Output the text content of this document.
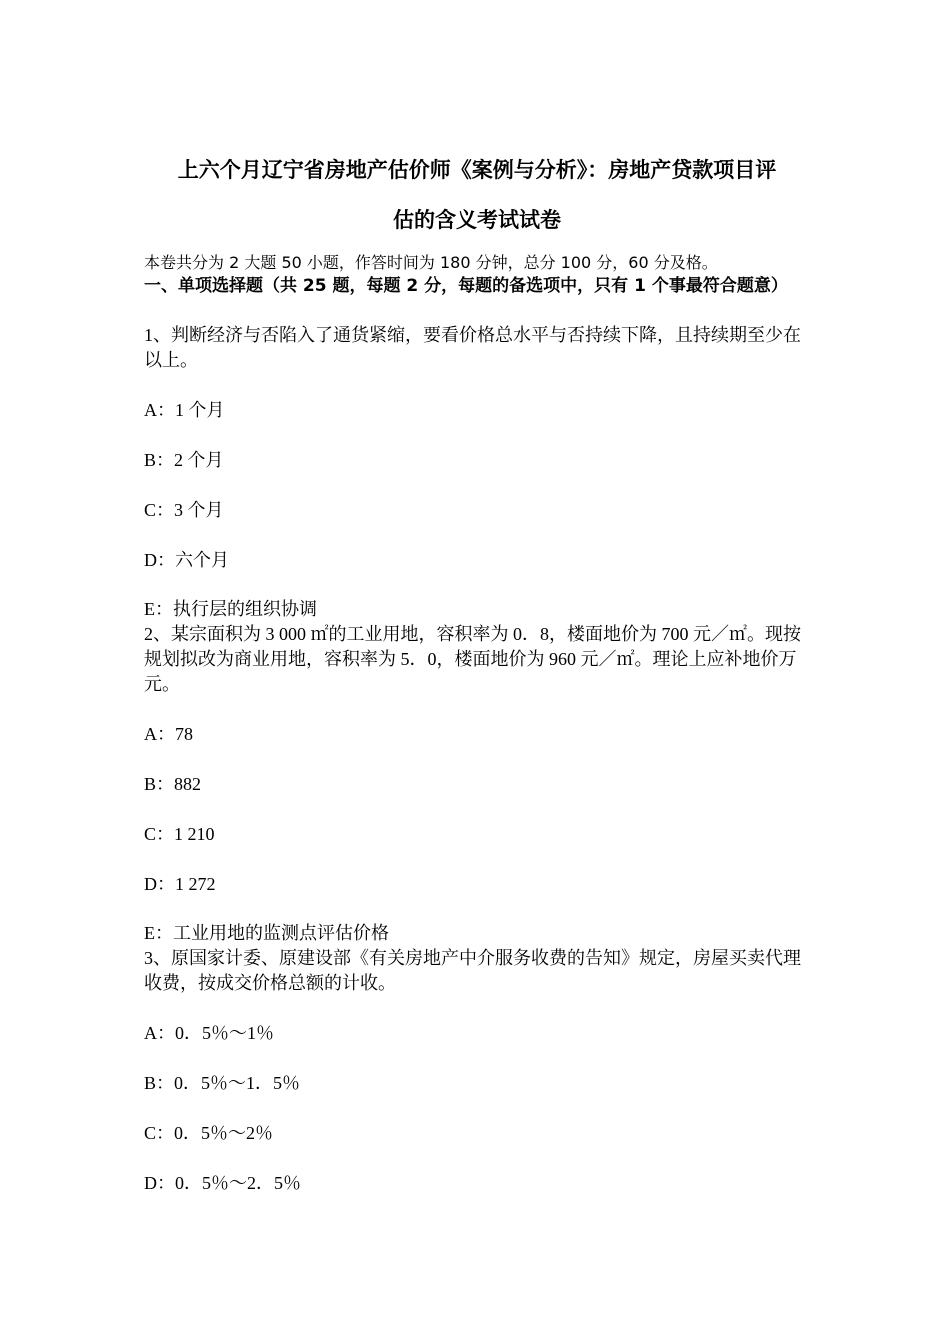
上六个月辽宁省房地产估价师《案例与分析》：房地产贷款项目评
估的含义考试试卷
本卷共分为 2 大题 50 小题，作答时间为 180 分钟，总分 100 分，60 分及格。
一、单项选择题（共 25 题，每题 2 分，每题的备选项中，只有 1 个事最符合题意）
1、判断经济与否陷入了通货紧缩，要看价格总水平与否持续下降，且持续期至少在以上。
A：1 个月
B：2 个月
C：3 个月
D：六个月
E：执行层的组织协调
2、某宗面积为 3 000 ㎡的工业用地，容积率为 0．8，楼面地价为 700 元／㎡。现按规划拟改为商业用地，容积率为 5．0，楼面地价为 960 元／㎡。理论上应补地价万元。
A：78
B：882
C：1 210
D：1 272
E：工业用地的监测点评估价格
3、原国家计委、原建设部《有关房地产中介服务收费的告知》规定，房屋买卖代理收费，按成交价格总额的计收。
A：0．5％～1％
B：0．5％～1．5％
C：0．5％～2％
D：0．5％～2．5％
